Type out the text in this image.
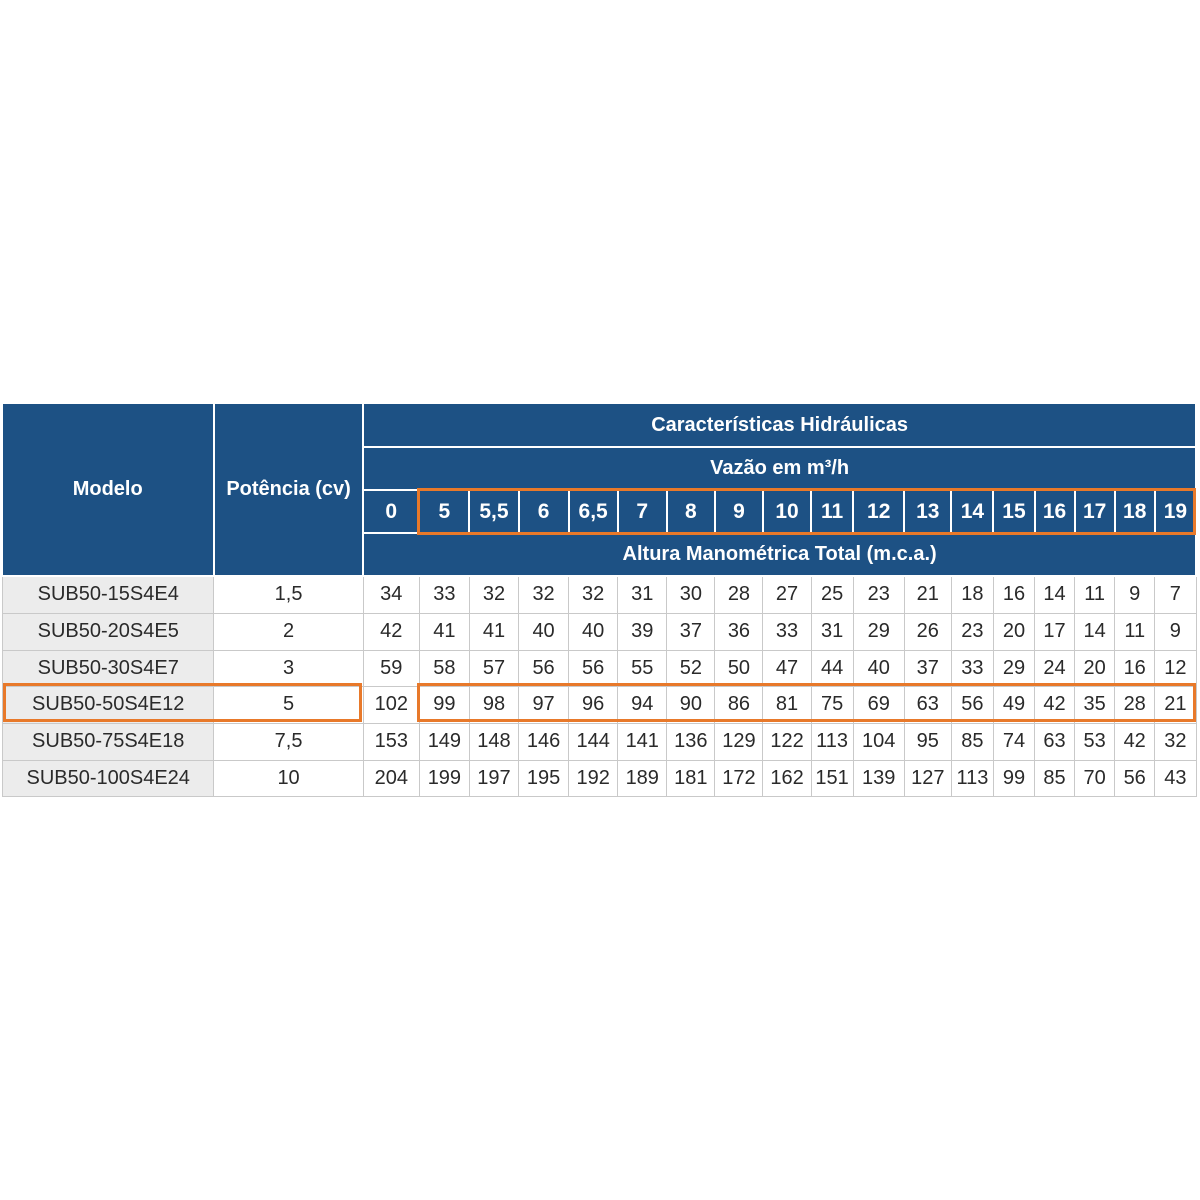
Modelo	Potência (cv)	Características Hidráulicas																	
		Vazão em m³/h																	
		0	5	5,5	6	6,5	7	8	9	10	11	12	13	14	15	16	17	18	19
		Altura Manométrica Total (m.c.a.)																	
SUB50-15S4E4	1,5	34	33	32	32	32	31	30	28	27	25	23	21	18	16	14	11	9	7
SUB50-20S4E5	2	42	41	41	40	40	39	37	36	33	31	29	26	23	20	17	14	11	9
SUB50-30S4E7	3	59	58	57	56	56	55	52	50	47	44	40	37	33	29	24	20	16	12
SUB50-50S4E12	5	102	99	98	97	96	94	90	86	81	75	69	63	56	49	42	35	28	21
SUB50-75S4E18	7,5	153	149	148	146	144	141	136	129	122	113	104	95	85	74	63	53	42	32
SUB50-100S4E24	10	204	199	197	195	192	189	181	172	162	151	139	127	113	99	85	70	56	43
